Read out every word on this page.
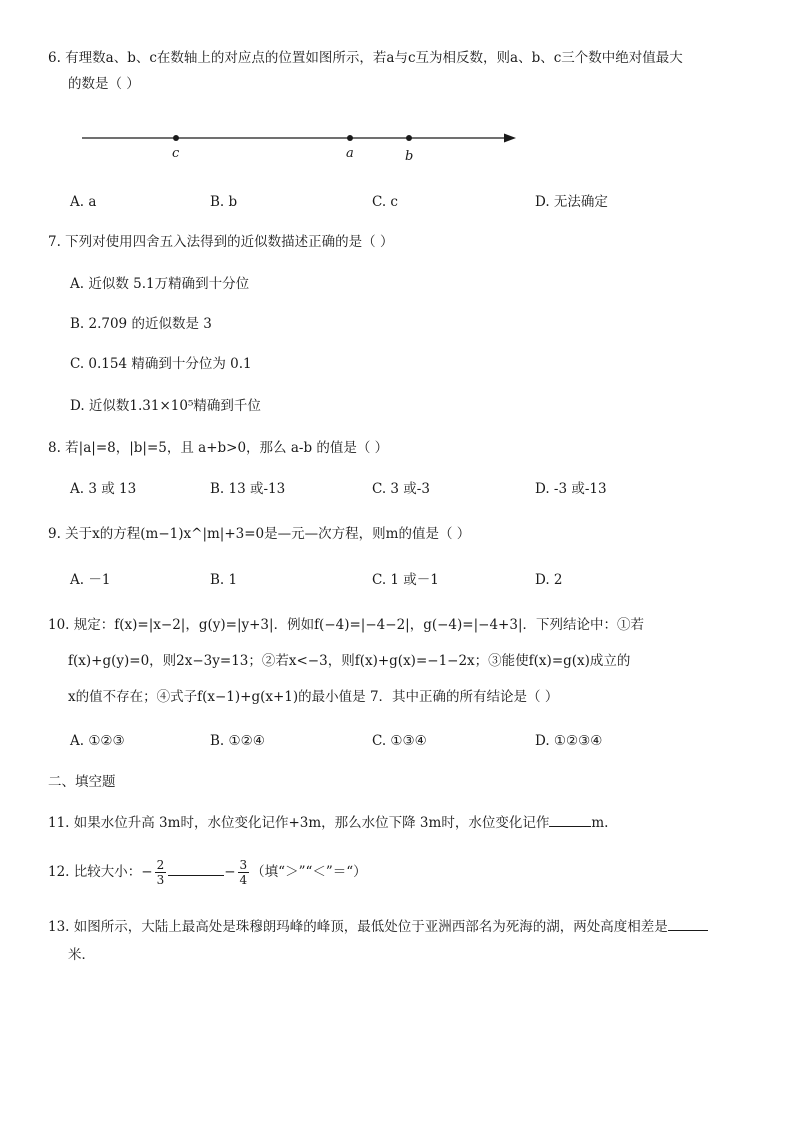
6. 有理数a、b、c在数轴上的对应点的位置如图所示，若a与c互为相反数，则a、b、c三个数中绝对值最大
的数是（ ）
c	a	b
A. a	B. b	C. c	D. 无法确定
7. 下列对使用四舍五入法得到的近似数描述正确的是（ ）
A. 近似数 5.1万精确到十分位
B. 2.709 的近似数是 3
C. 0.154 精确到十分位为 0.1
D. 近似数1.31×10⁵精确到千位
8. 若|a|=8，|b|=5，且 a+b>0，那么 a-b 的值是（ ）
A. 3 或 13	B. 13 或-13	C. 3 或-3	D. -3 或-13
9. 关于x的方程(m−1)x^|m|+3=0是—元—次方程，则m的值是（ ）
A. －1	B. 1	C. 1 或－1	D. 2
10. 规定：f(x)=|x−2|，g(y)=|y+3|．例如f(−4)=|−4−2|，g(−4)=|−4+3|．下列结论中：①若
f(x)+g(y)=0，则2x−3y=13；②若x<−3，则f(x)+g(x)=−1−2x；③能使f(x)=g(x)成立的
x的值不存在；④式子f(x−1)+g(x+1)的最小值是 7．其中正确的所有结论是（ ）
A. ①②③	B. ①②④	C. ①③④	D. ①②③④
二、填空题
11. 如果水位升高 3m时，水位变化记作+3m，那么水位下降 3m时，水位变化记作	m.
12. 比较大小：− $\frac{2}{3}$	− $\frac{3}{4}$ （填“＞”“＜”＝“）
13. 如图所示，大陆上最高处是珠穆朗玛峰的峰顶，最低处位于亚洲西部名为死海的湖，两处高度相差是
米．
